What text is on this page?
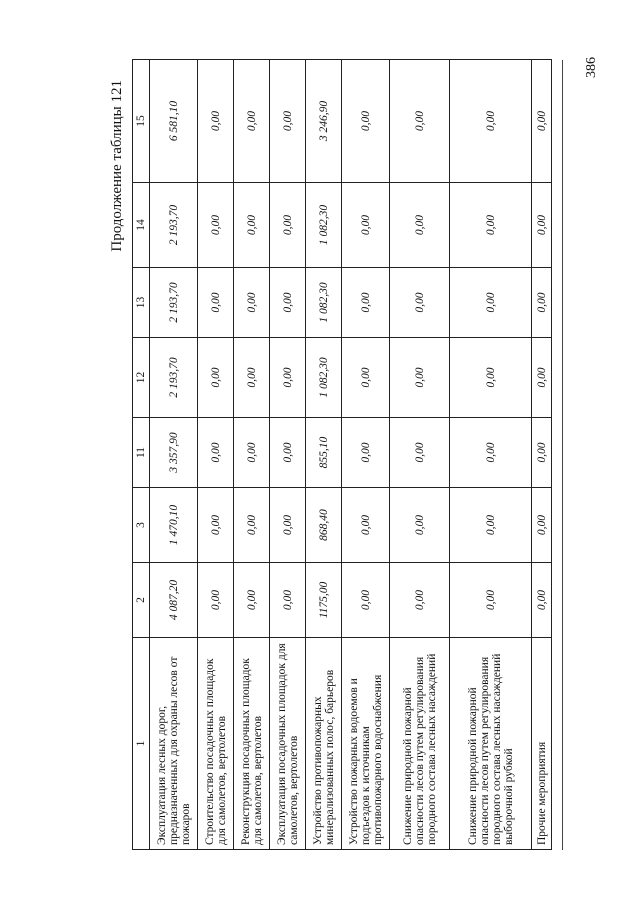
Продолжение таблицы 121
1	2	3	11	12	13	14	15
Эксплуатация лесных дорог, предназначенных для охраны лесов от пожаров	4 087,20	1 470,10	3 357,90	2 193,70	2 193,70	2 193,70	6 581,10
Строительство посадочных площадок для самолетов, вертолетов	0,00	0,00	0,00	0,00	0,00	0,00	0,00
Реконструкция посадочных площадок для самолетов, вертолетов	0,00	0,00	0,00	0,00	0,00	0,00	0,00
Эксплуатация посадочных площадок для самолетов, вертолетов	0,00	0,00	0,00	0,00	0,00	0,00	0,00
Устройство противопожарных минерализованных полос, барьеров	1175,00	868,40	855,10	1 082,30	1 082,30	1 082,30	3 246,90
Устройство пожарных водоемов и подъездов к источникам противопожарного водоснабжения	0,00	0,00	0,00	0,00	0,00	0,00	0,00
Снижение природной пожарной опасности лесов путем регулирования породного состава лесных насаждений	0,00	0,00	0,00	0,00	0,00	0,00	0,00
Снижение природной пожарной опасности лесов путем регулирования породного состава лесных насаждений выборочной рубкой	0,00	0,00	0,00	0,00	0,00	0,00	0,00
Прочие мероприятия	0,00	0,00	0,00	0,00	0,00	0,00	0,00
386
